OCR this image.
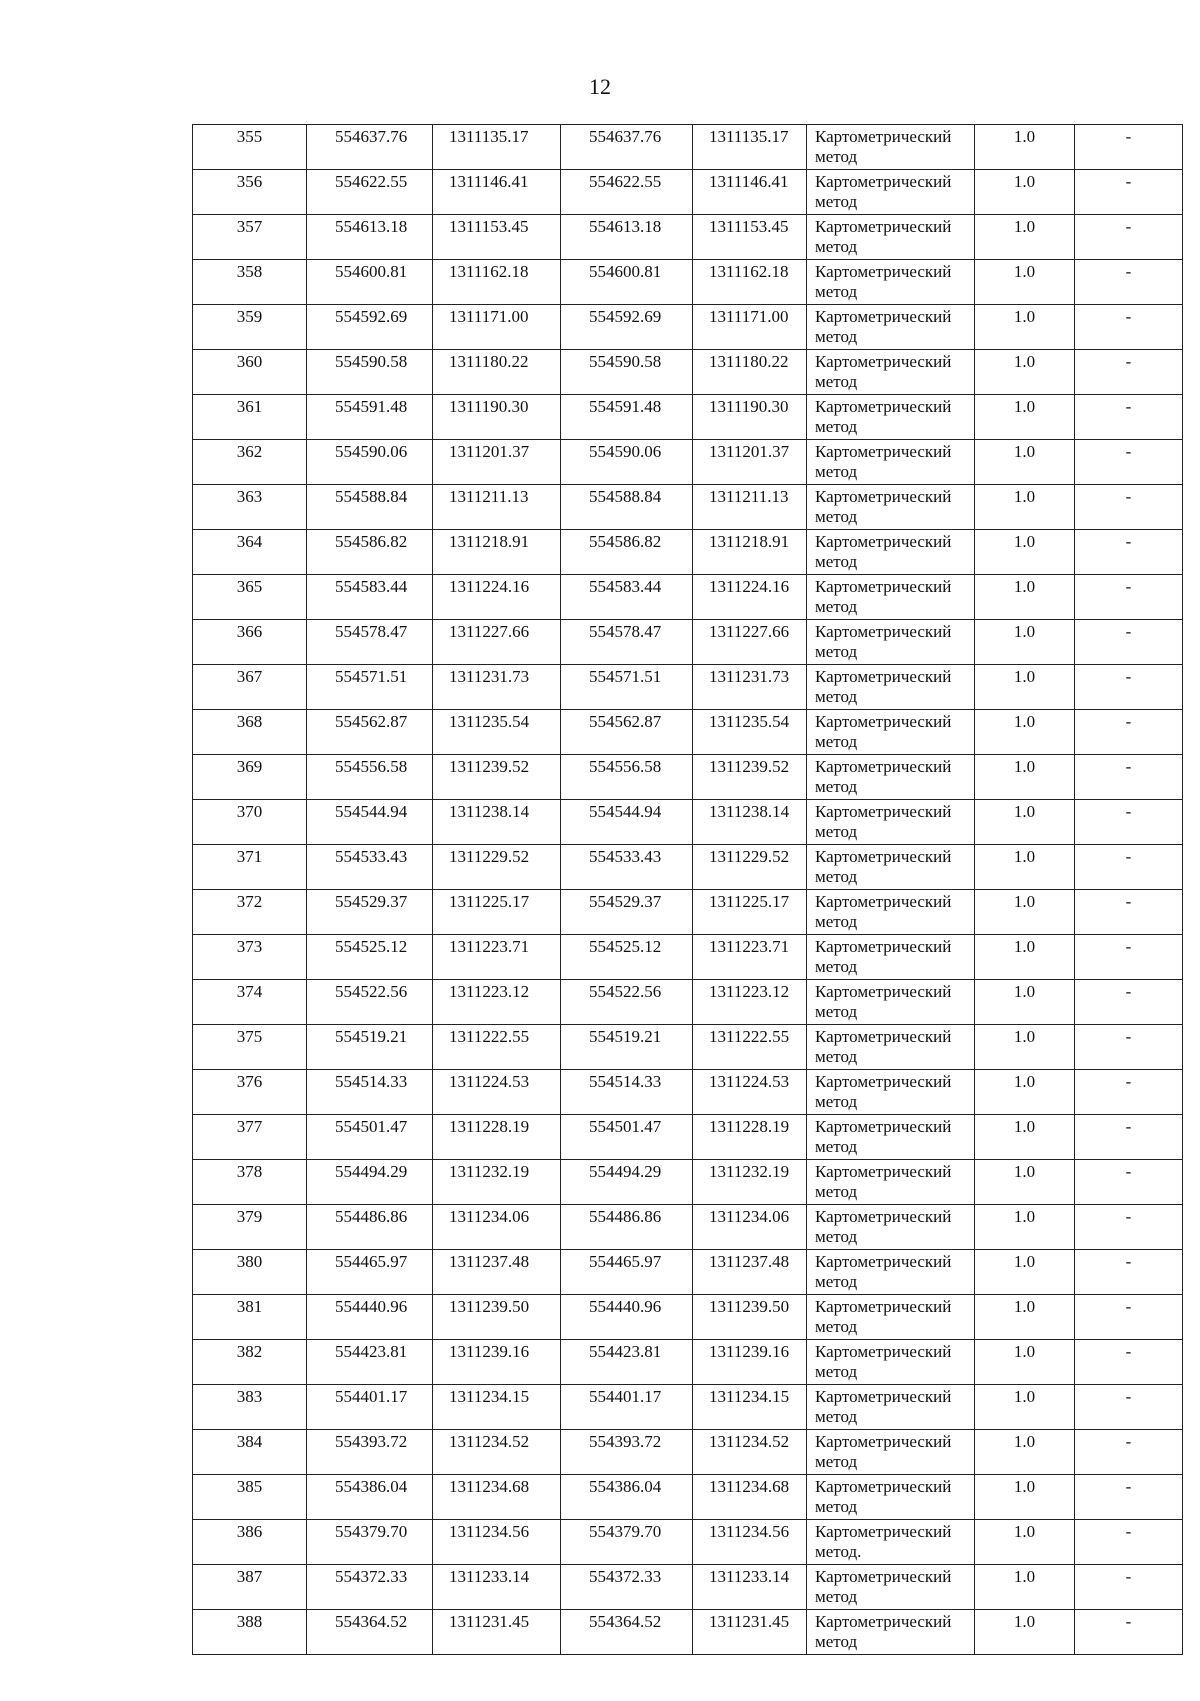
12
355	554637.76	1311135.17	554637.76	1311135.17	Картометрический
метод	1.0	-
356	554622.55	1311146.41	554622.55	1311146.41	Картометрический
метод	1.0	-
357	554613.18	1311153.45	554613.18	1311153.45	Картометрический
метод	1.0	-
358	554600.81	1311162.18	554600.81	1311162.18	Картометрический
метод	1.0	-
359	554592.69	1311171.00	554592.69	1311171.00	Картометрический
метод	1.0	-
360	554590.58	1311180.22	554590.58	1311180.22	Картометрический
метод	1.0	-
361	554591.48	1311190.30	554591.48	1311190.30	Картометрический
метод	1.0	-
362	554590.06	1311201.37	554590.06	1311201.37	Картометрический
метод	1.0	-
363	554588.84	1311211.13	554588.84	1311211.13	Картометрический
метод	1.0	-
364	554586.82	1311218.91	554586.82	1311218.91	Картометрический
метод	1.0	-
365	554583.44	1311224.16	554583.44	1311224.16	Картометрический
метод	1.0	-
366	554578.47	1311227.66	554578.47	1311227.66	Картометрический
метод	1.0	-
367	554571.51	1311231.73	554571.51	1311231.73	Картометрический
метод	1.0	-
368	554562.87	1311235.54	554562.87	1311235.54	Картометрический
метод	1.0	-
369	554556.58	1311239.52	554556.58	1311239.52	Картометрический
метод	1.0	-
370	554544.94	1311238.14	554544.94	1311238.14	Картометрический
метод	1.0	-
371	554533.43	1311229.52	554533.43	1311229.52	Картометрический
метод	1.0	-
372	554529.37	1311225.17	554529.37	1311225.17	Картометрический
метод	1.0	-
373	554525.12	1311223.71	554525.12	1311223.71	Картометрический
метод	1.0	-
374	554522.56	1311223.12	554522.56	1311223.12	Картометрический
метод	1.0	-
375	554519.21	1311222.55	554519.21	1311222.55	Картометрический
метод	1.0	-
376	554514.33	1311224.53	554514.33	1311224.53	Картометрический
метод	1.0	-
377	554501.47	1311228.19	554501.47	1311228.19	Картометрический
метод	1.0	-
378	554494.29	1311232.19	554494.29	1311232.19	Картометрический
метод	1.0	-
379	554486.86	1311234.06	554486.86	1311234.06	Картометрический
метод	1.0	-
380	554465.97	1311237.48	554465.97	1311237.48	Картометрический
метод	1.0	-
381	554440.96	1311239.50	554440.96	1311239.50	Картометрический
метод	1.0	-
382	554423.81	1311239.16	554423.81	1311239.16	Картометрический
метод	1.0	-
383	554401.17	1311234.15	554401.17	1311234.15	Картометрический
метод	1.0	-
384	554393.72	1311234.52	554393.72	1311234.52	Картометрический
метод	1.0	-
385	554386.04	1311234.68	554386.04	1311234.68	Картометрический
метод	1.0	-
386	554379.70	1311234.56	554379.70	1311234.56	Картометрический
метод.	1.0	-
387	554372.33	1311233.14	554372.33	1311233.14	Картометрический
метод	1.0	-
388	554364.52	1311231.45	554364.52	1311231.45	Картометрический
метод	1.0	-
